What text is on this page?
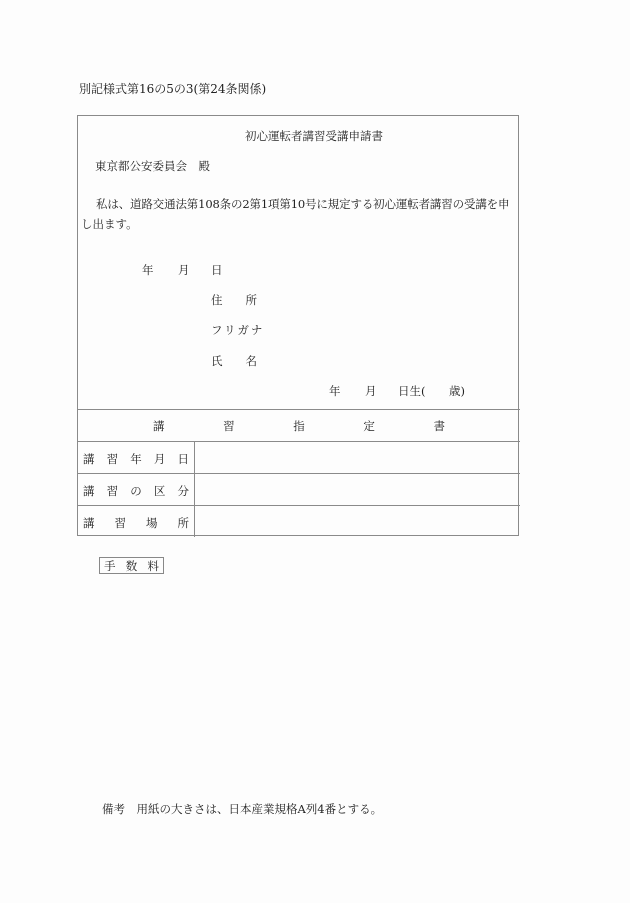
別記様式第16の5の3(第24条関係)
初心運転者講習受講申請書
東京都公安委員会　殿
私は、道路交通法第108条の2第1項第10号に規定する初心運転者講習の受講を申
し出ます。
年 月 日
住 所
フリガナ
氏 名
年 月 日生( 歳)
講	習	指	定	書
講 習 年 月 日
講 習 の 区 分
講 習 場 所
手 数 料
備考　用紙の大きさは、日本産業規格A列4番とする。
